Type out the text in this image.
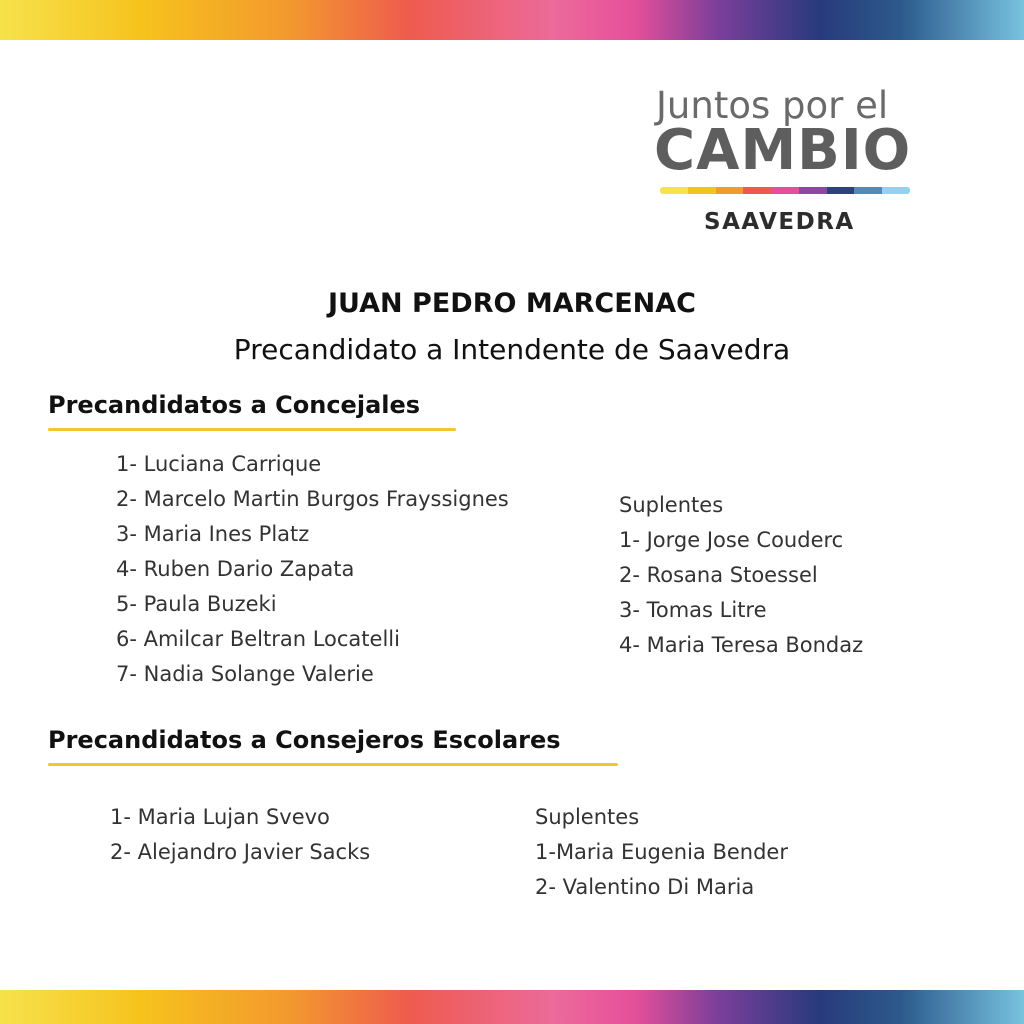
Juntos por el
CAMBIO
SAAVEDRA
JUAN PEDRO MARCENAC
Precandidato a Intendente de Saavedra
Precandidatos a Concejales
1- Luciana Carrique
2- Marcelo Martin Burgos Frayssignes
3- Maria Ines Platz
4- Ruben Dario Zapata
5- Paula Buzeki
6- Amilcar Beltran Locatelli
7- Nadia Solange Valerie
Suplentes
1- Jorge Jose Couderc
2- Rosana Stoessel
3- Tomas Litre
4- Maria Teresa Bondaz
Precandidatos a Consejeros Escolares
1- Maria Lujan Svevo
2- Alejandro Javier Sacks
Suplentes
1-Maria Eugenia Bender
2- Valentino Di Maria
